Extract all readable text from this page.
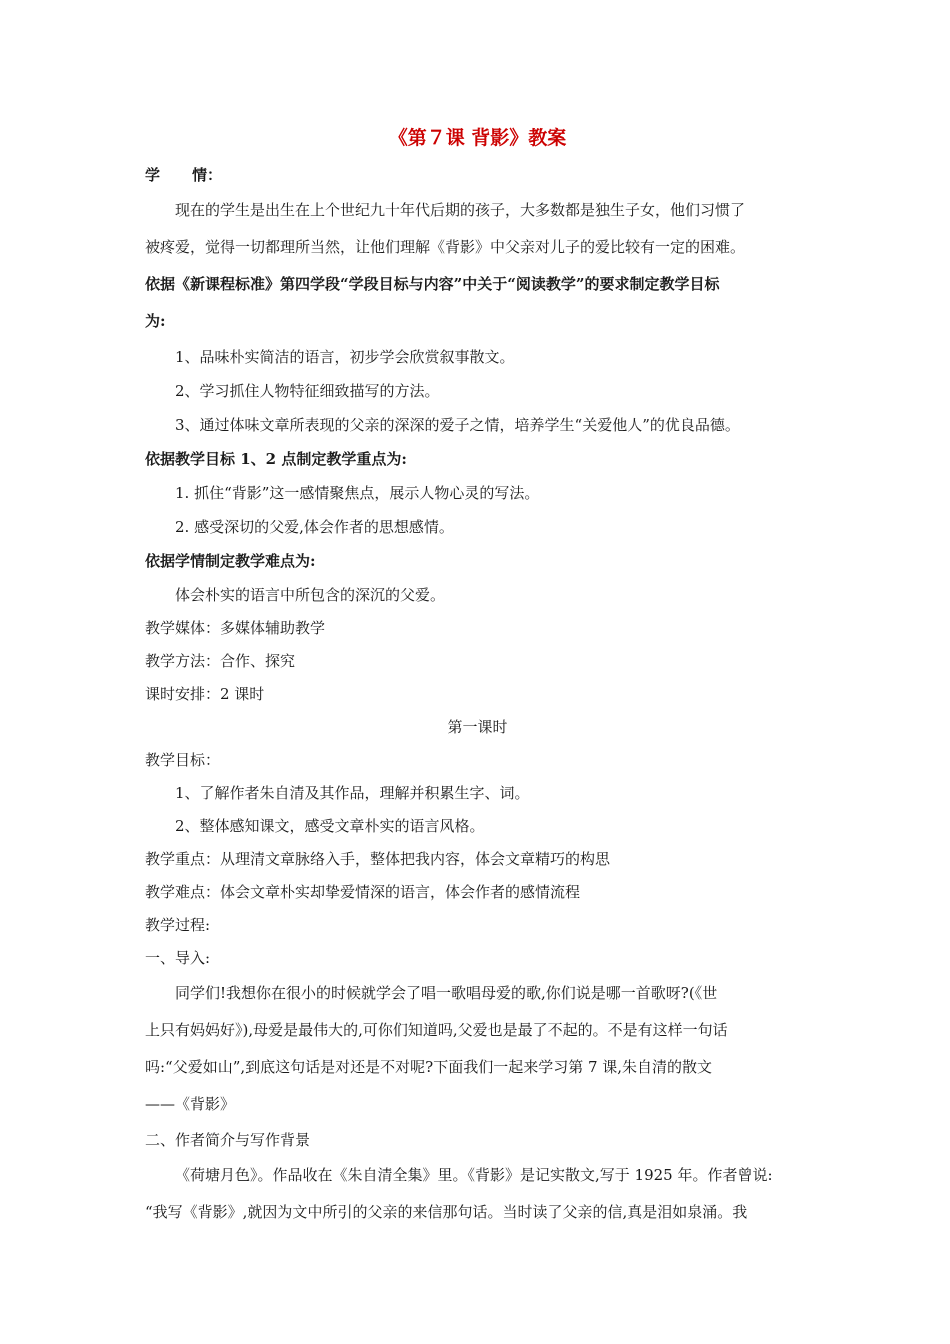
《第７课 背影》教案
学 情：
现在的学生是出生在上个世纪九十年代后期的孩子，大多数都是独生子女，他们习惯了
被疼爱，觉得一切都理所当然，让他们理解《背影》中父亲对儿子的爱比较有一定的困难。
依据《新课程标准》第四学段“学段目标与内容”中关于“阅读教学”的要求制定教学目标
为:
1、品味朴实简洁的语言，初步学会欣赏叙事散文。
2、学习抓住人物特征细致描写的方法。
3、通过体味文章所表现的父亲的深深的爱子之情，培养学生“关爱他人”的优良品德。
依据教学目标 1、2 点制定教学重点为:
1. 抓住“背影”这一感情聚焦点，展示人物心灵的写法。
2. 感受深切的父爱,体会作者的思想感情。
依据学情制定教学难点为:
体会朴实的语言中所包含的深沉的父爱。
教学媒体：多媒体辅助教学
教学方法：合作、探究
课时安排：2 课时
第一课时
教学目标：
1、了解作者朱自清及其作品，理解并积累生字、词。
2、整体感知课文，感受文章朴实的语言风格。
教学重点：从理清文章脉络入手，整体把我内容，体会文章精巧的构思
教学难点：体会文章朴实却挚爱情深的语言，体会作者的感情流程
教学过程:
一、导入:
同学们!我想你在很小的时候就学会了唱一歌唱母爱的歌,你们说是哪一首歌呀?(《世
上只有妈妈好》),母爱是最伟大的,可你们知道吗,父爱也是最了不起的。不是有这样一句话
吗:“父爱如山”,到底这句话是对还是不对呢?下面我们一起来学习第 7 课,朱自清的散文
——《背影》
二、作者简介与写作背景
《荷塘月色》。作品收在《朱自清全集》里。《背影》是记实散文,写于 1925 年。作者曾说:
“我写《背影》,就因为文中所引的父亲的来信那句话。当时读了父亲的信,真是泪如泉涌。我
